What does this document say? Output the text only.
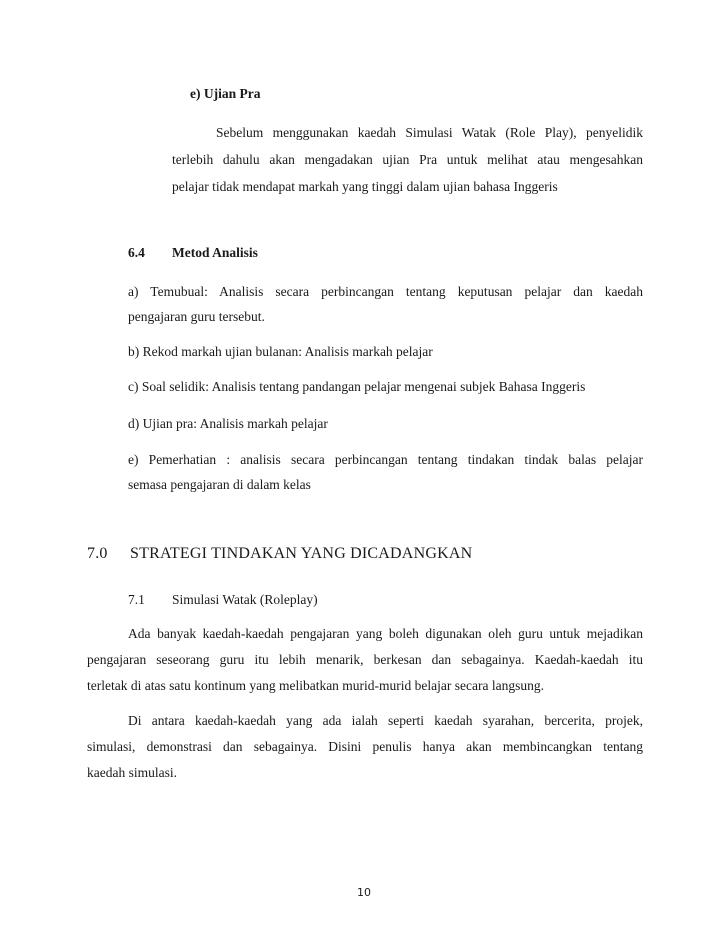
e) Ujian Pra
Sebelum menggunakan kaedah Simulasi Watak (Role Play), penyelidik
terlebih dahulu akan mengadakan ujian Pra untuk melihat atau mengesahkan
pelajar tidak mendapat markah yang tinggi dalam ujian bahasa Inggeris
6.4 Metod Analisis
a) Temubual: Analisis secara perbincangan tentang keputusan pelajar dan kaedah
pengajaran guru tersebut.
b) Rekod markah ujian bulanan: Analisis markah pelajar
c) Soal selidik: Analisis tentang pandangan pelajar mengenai subjek Bahasa Inggeris
d) Ujian pra: Analisis markah pelajar
e) Pemerhatian : analisis secara perbincangan tentang tindakan tindak balas pelajar
semasa pengajaran di dalam kelas
7.0 STRATEGI TINDAKAN YANG DICADANGKAN
7.1 Simulasi Watak (Roleplay)
Ada banyak kaedah-kaedah pengajaran yang boleh digunakan oleh guru untuk mejadikan
pengajaran seseorang guru itu lebih menarik, berkesan dan sebagainya. Kaedah-kaedah itu
terletak di atas satu kontinum yang melibatkan murid-murid belajar secara langsung.
Di antara kaedah-kaedah yang ada ialah seperti kaedah syarahan, bercerita, projek,
simulasi, demonstrasi dan sebagainya. Disini penulis hanya akan membincangkan tentang
kaedah simulasi.
10
